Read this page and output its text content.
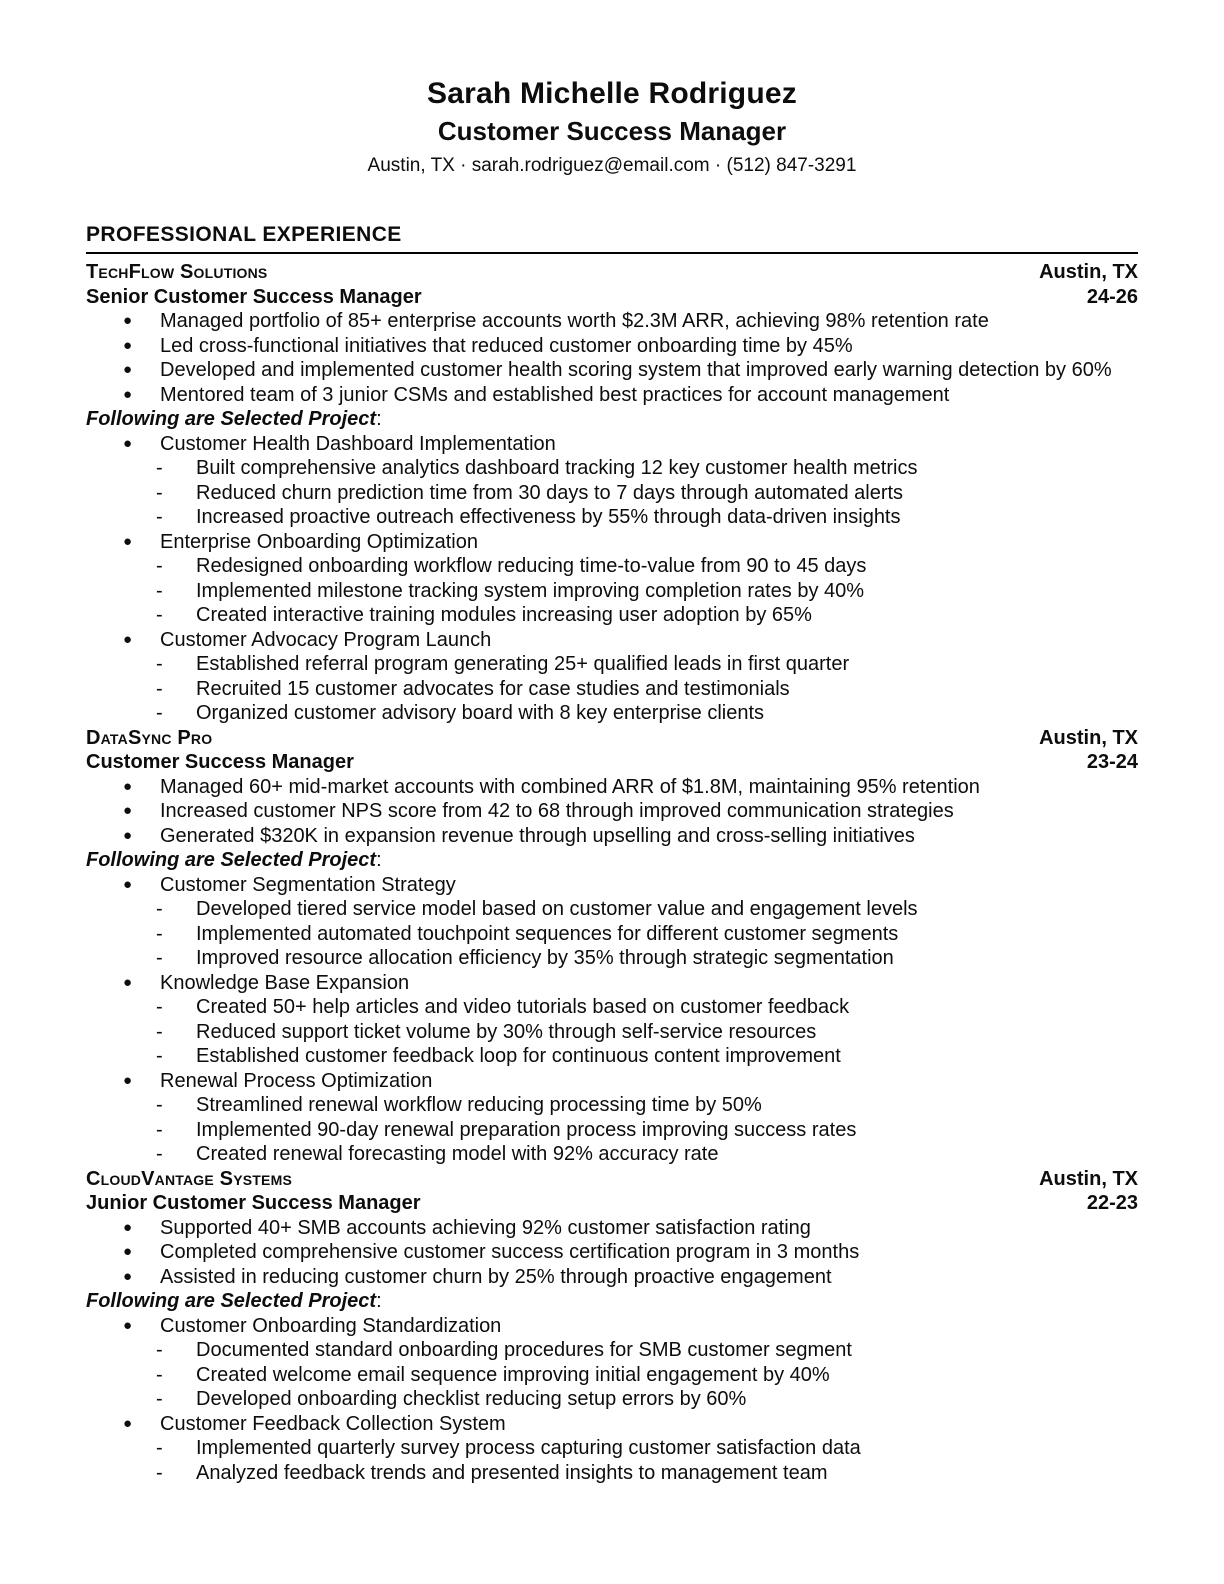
Sarah Michelle Rodriguez
Customer Success Manager

Austin, TX · sarah.rodriguez@email.com · (512) 847-3291

PROFESSIONAL EXPERIENCE
TechFlow Solutions	Austin, TX
Senior Customer Success Manager	24-26
●	Managed portfolio of 85+ enterprise accounts worth $2.3M ARR, achieving 98% retention rate
●	Led cross-functional initiatives that reduced customer onboarding time by 45%
●	Developed and implemented customer health scoring system that improved early warning detection by 60%
●	Mentored team of 3 junior CSMs and established best practices for account management

Following are Selected Project:

●	Customer Health Dashboard Implementation
-	Built comprehensive analytics dashboard tracking 12 key customer health metrics
-	Reduced churn prediction time from 30 days to 7 days through automated alerts
-	Increased proactive outreach effectiveness by 55% through data-driven insights
●	Enterprise Onboarding Optimization
-	Redesigned onboarding workflow reducing time-to-value from 90 to 45 days
-	Implemented milestone tracking system improving completion rates by 40%
-	Created interactive training modules increasing user adoption by 65%
●	Customer Advocacy Program Launch
-	Established referral program generating 25+ qualified leads in first quarter
-	Recruited 15 customer advocates for case studies and testimonials
-	Organized customer advisory board with 8 key enterprise clients
DataSync Pro	Austin, TX
Customer Success Manager	23-24
●	Managed 60+ mid-market accounts with combined ARR of $1.8M, maintaining 95% retention
●	Increased customer NPS score from 42 to 68 through improved communication strategies
●	Generated $320K in expansion revenue through upselling and cross-selling initiatives

Following are Selected Project:

●	Customer Segmentation Strategy
-	Developed tiered service model based on customer value and engagement levels
-	Implemented automated touchpoint sequences for different customer segments
-	Improved resource allocation efficiency by 35% through strategic segmentation
●	Knowledge Base Expansion
-	Created 50+ help articles and video tutorials based on customer feedback
-	Reduced support ticket volume by 30% through self-service resources
-	Established customer feedback loop for continuous content improvement
●	Renewal Process Optimization
-	Streamlined renewal workflow reducing processing time by 50%
-	Implemented 90-day renewal preparation process improving success rates
-	Created renewal forecasting model with 92% accuracy rate
CloudVantage Systems	Austin, TX
Junior Customer Success Manager	22-23
●	Supported 40+ SMB accounts achieving 92% customer satisfaction rating
●	Completed comprehensive customer success certification program in 3 months
●	Assisted in reducing customer churn by 25% through proactive engagement

Following are Selected Project:

●	Customer Onboarding Standardization
-	Documented standard onboarding procedures for SMB customer segment
-	Created welcome email sequence improving initial engagement by 40%
-	Developed onboarding checklist reducing setup errors by 60%
●	Customer Feedback Collection System
-	Implemented quarterly survey process capturing customer satisfaction data
-	Analyzed feedback trends and presented insights to management team
